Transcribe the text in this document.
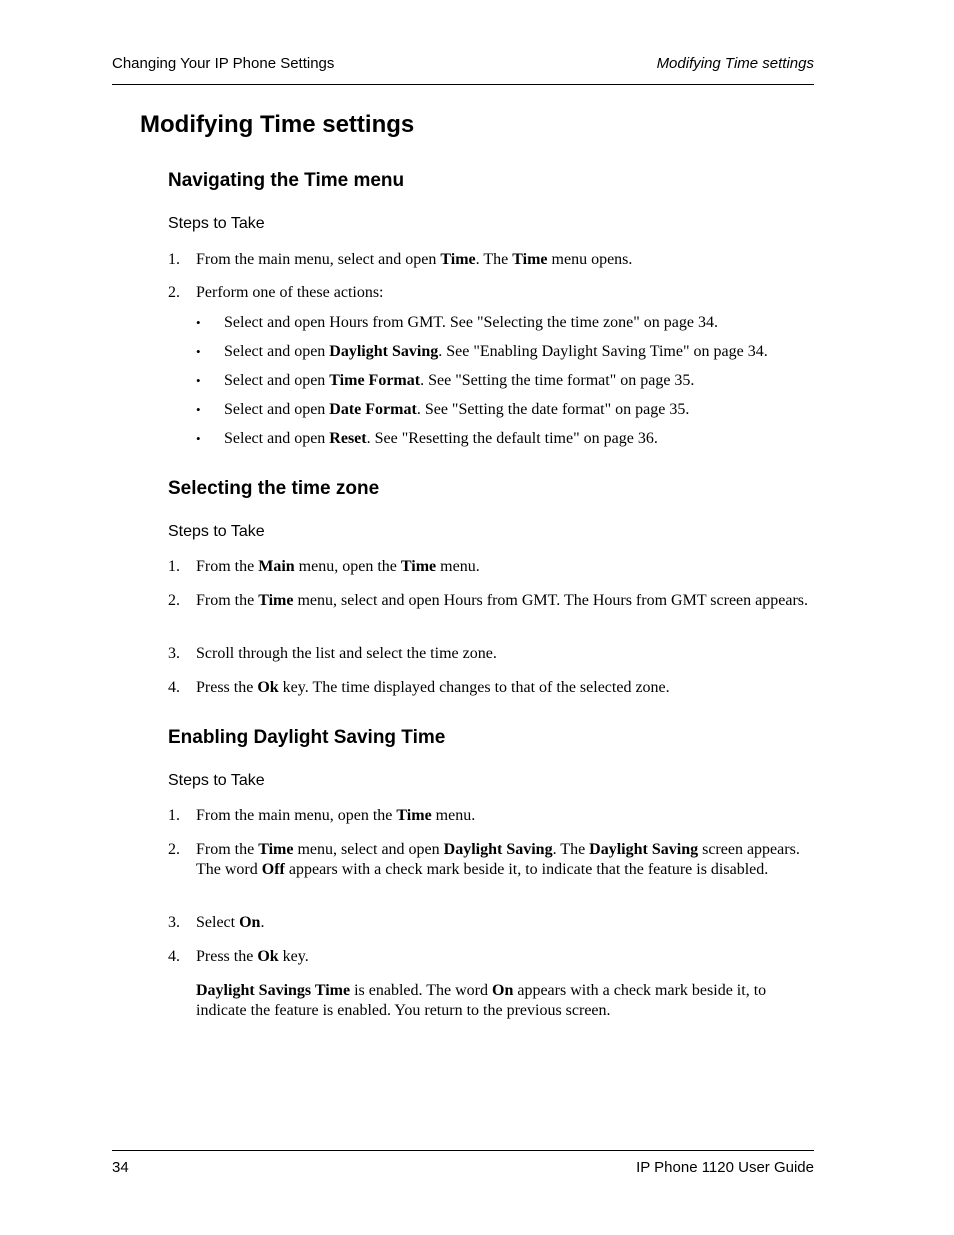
Changing Your IP Phone Settings	Modifying Time settings
Modifying Time settings
Navigating the Time menu
Steps to Take
1. From the main menu, select and open Time. The Time menu opens.
2. Perform one of these actions:
• Select and open Hours from GMT. See "Selecting the time zone" on page 34.
• Select and open Daylight Saving. See "Enabling Daylight Saving Time" on page 34.
• Select and open Time Format. See "Setting the time format" on page 35.
• Select and open Date Format. See "Setting the date format" on page 35.
• Select and open Reset. See "Resetting the default time" on page 36.
Selecting the time zone
Steps to Take
1. From the Main menu, open the Time menu.
2. From the Time menu, select and open Hours from GMT. The Hours from GMT screen appears.
3. Scroll through the list and select the time zone.
4. Press the Ok key. The time displayed changes to that of the selected zone.
Enabling Daylight Saving Time
Steps to Take
1. From the main menu, open the Time menu.
2. From the Time menu, select and open Daylight Saving. The Daylight Saving screen appears. The word Off appears with a check mark beside it, to indicate that the feature is disabled.
3. Select On.
4. Press the Ok key.
Daylight Savings Time is enabled. The word On appears with a check mark beside it, to indicate the feature is enabled. You return to the previous screen.
34	IP Phone 1120 User Guide
